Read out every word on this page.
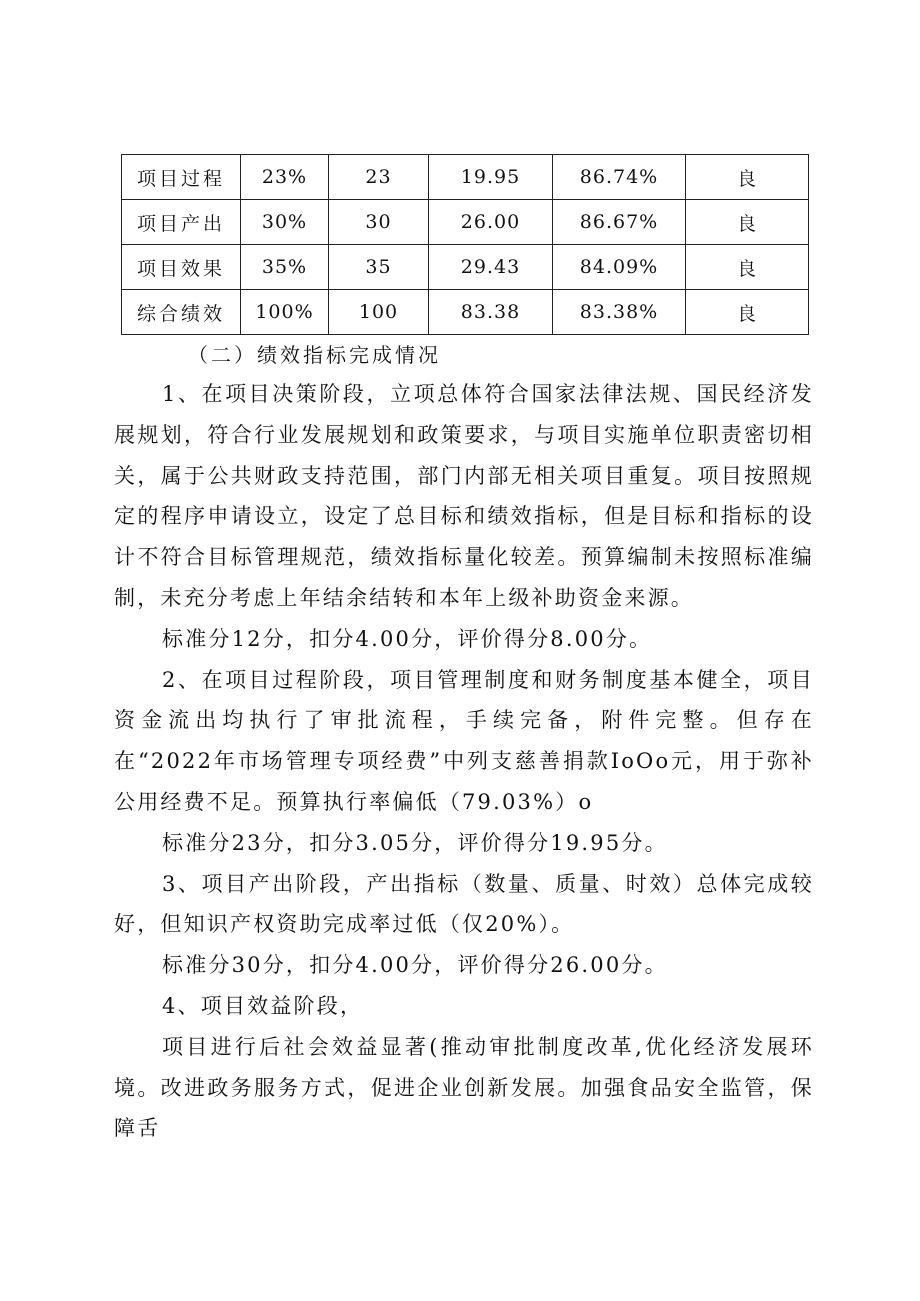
项目过程	23%	23	19.95	86.74%	良
项目产出	30%	30	26.00	86.67%	良
项目效果	35%	35	29.43	84.09%	良
综合绩效	100%	100	83.38	83.38%	良
（二）绩效指标完成情况

1、在项目决策阶段，立项总体符合国家法律法规、国民经济发展规划，符合行业发展规划和政策要求，与项目实施单位职责密切相关，属于公共财政支持范围，部门内部无相关项目重复。项目按照规定的程序申请设立，设定了总目标和绩效指标，但是目标和指标的设计不符合目标管理规范，绩效指标量化较差。预算编制未按照标准编制，未充分考虑上年结余结转和本年上级补助资金来源。

标准分12分，扣分4.00分，评价得分8.00分。

2、在项目过程阶段，项目管理制度和财务制度基本健全，项目资金流出均执行了审批流程，手续完备，附件完整。但存在在“2022年市场管理专项经费”中列支慈善捐款IoOo元，用于弥补公用经费不足。预算执行率偏低（79.03%）o

标准分23分，扣分3.05分，评价得分19.95分。

3、项目产出阶段，产出指标（数量、质量、时效）总体完成较好，但知识产权资助完成率过低（仅20%）。

标准分30分，扣分4.00分，评价得分26.00分。

4、项目效益阶段，

项目进行后社会效益显著(推动审批制度改革,优化经济发展环境。改进政务服务方式，促进企业创新发展。加强食品安全监管，保障舌
